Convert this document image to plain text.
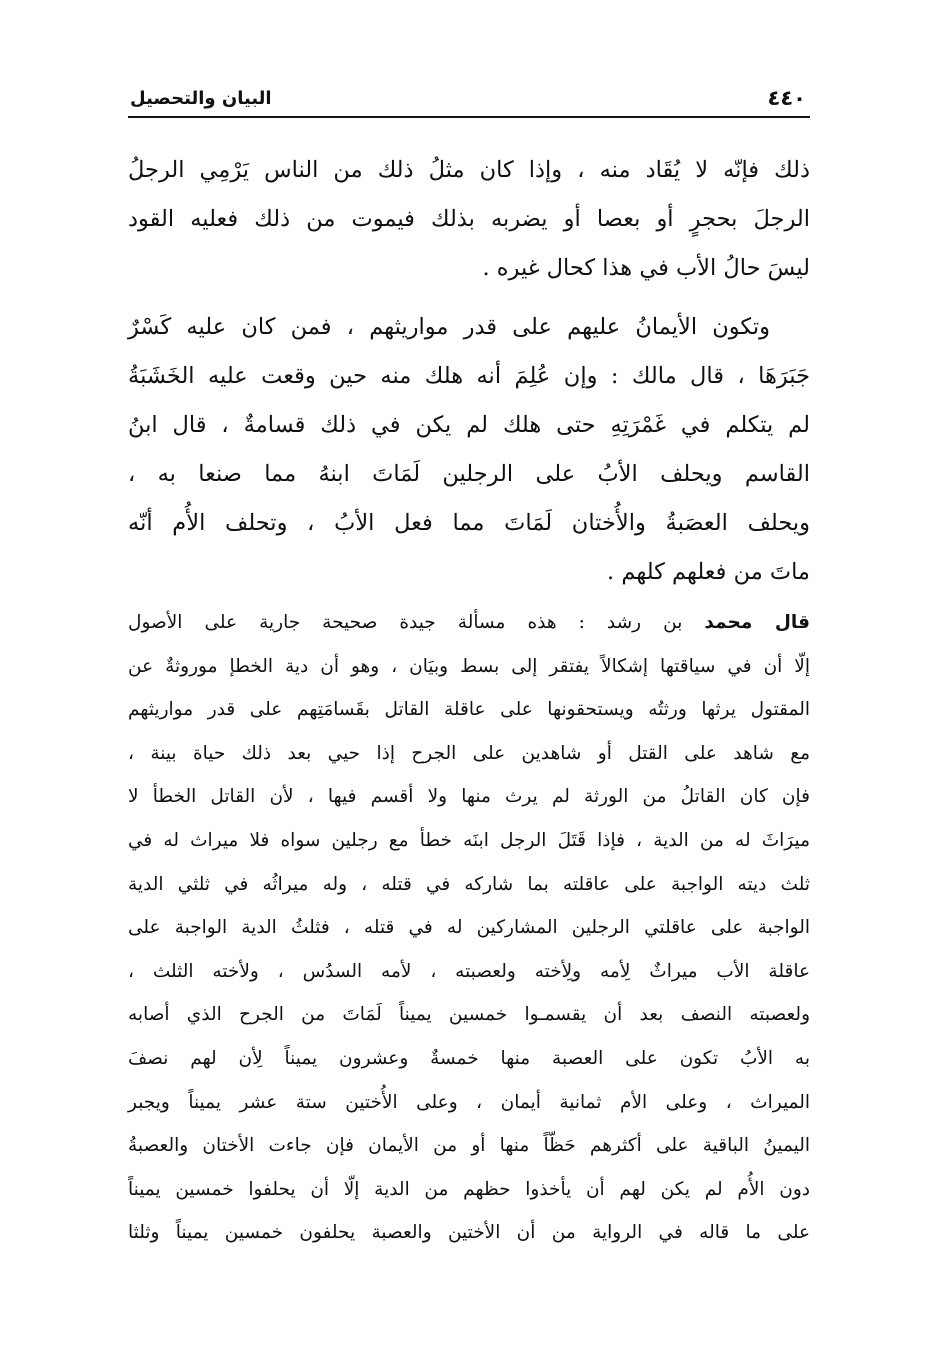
٤٤٠
البيان والتحصيل
ذلك فإنّه لا يُقَاد منه ، وإذا كان مثلُ ذلك من الناس يَرْمِي الرجلُ
الرجلَ بحجرٍ أو بعصا أو يضربه بذلك فيموت من ذلك فعليه القود
ليسَ حالُ الأب في هذا كحال غيره .
وتكون الأيمانُ عليهم على قدر مواريثهم ، فمن كان عليه كَسْرٌ
جَبَرَهَا ، قال مالك : وإن عُلِمَ أنه هلك منه حين وقعت عليه الخَشَبَةُ
لم يتكلم في غَمْرَتِهِ حتى هلك لم يكن في ذلك قسامةٌ ، قال ابنُ
القاسم ويحلف الأبُ على الرجلين لَمَاتَ ابنهُ مما صنعا به ،
ويحلف العصَبةُ والأُختان لَمَاتَ مما فعل الأبُ ، وتحلف الأُم أنّه
ماتَ من فعلهم كلهم .
قال محمد بن رشد : هذه مسألة جيدة صحيحة جارية على الأصول
إلّا أن في سياقتها إشكالاً يفتقر إلى بسط وبيَان ، وهو أن دية الخطإ موروثةٌ عن
المقتول يرثها ورثتُه ويستحقونها على عاقلة القاتل بقَسامَتِهم على قدر مواريثهم
مع شاهد على القتل أو شاهدين على الجرح إذا حيي بعد ذلك حياة بينة ،
فإن كان القاتلُ من الورثة لم يرث منها ولا أقسم فيها ، لأن القاتل الخطأ لا
ميرَاثَ له من الدية ، فإذا قَتَلَ الرجل ابنَه خطأ مع رجلين سواه فلا ميراث له في
ثلث ديته الواجبة على عاقلته بما شاركه في قتله ، وله ميراثُه في ثلثي الدية
الواجبة على عاقلتي الرجلين المشاركين له في قتله ، فثلثُ الدية الواجبة على
عاقلة الأب ميراثٌ لِأمه ولِأخته ولعصبته ، لأمه السدُس ، ولأخته الثلث ،
ولعصبته النصف بعد أن يقسمـوا خمسين يميناً لَمَاتَ من الجرح الذي أصابه
به الأبُ تكون على العصبة منها خمسةٌ وعشرون يميناً لِأن لهم نصفَ
الميراث ، وعلى الأم ثمانية أيمان ، وعلى الأُختين ستة عشر يميناً ويجبر
اليمينُ الباقية على أكثرهم حَظّاً منها أو من الأيمان فإن جاءت الأختان والعصبةُ
دون الأُم لم يكن لهم أن يأخذوا حظهم من الدية إلّا أن يحلفوا خمسين يميناً
على ما قاله في الرواية من أن الأختين والعصبة يحلفون خمسين يميناً وثلثا
